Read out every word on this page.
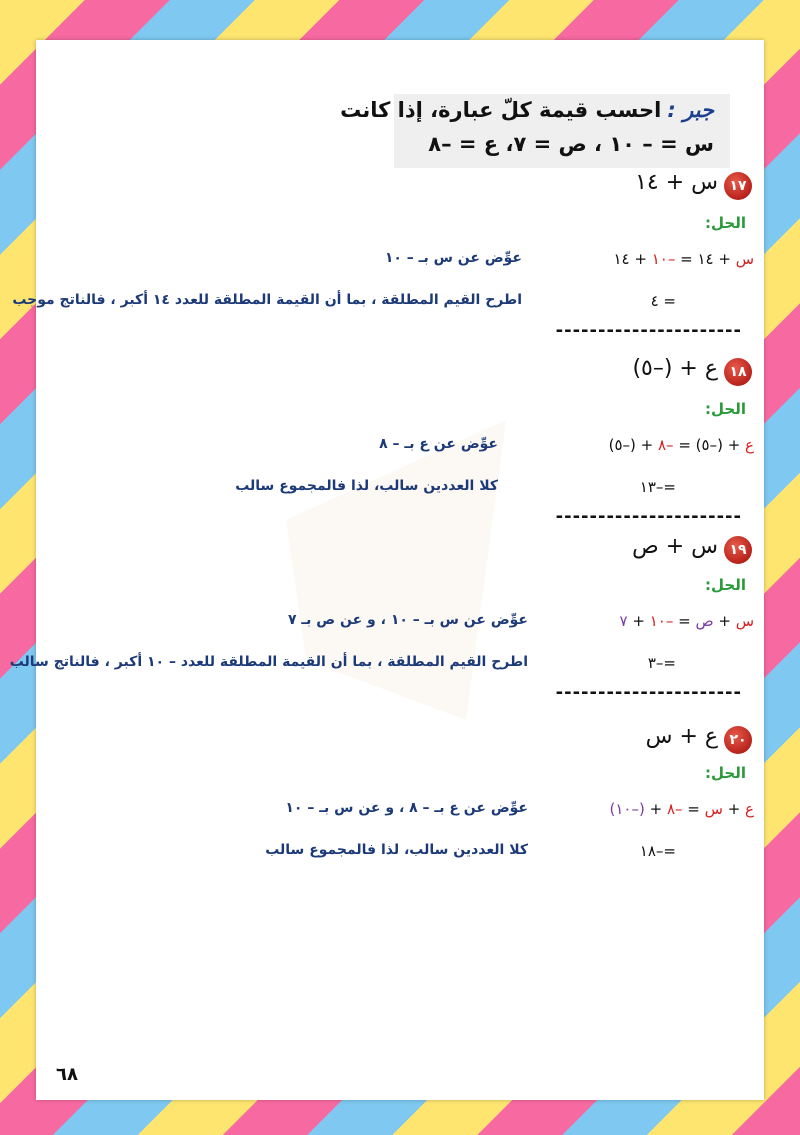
جبر :احسب قيمة كلّ عبارة، إذا كانت
س = – ١٠ ، ص = ٧، ع = –٨
١٧
س + ١٤
الحل:
س + ١٤ = –١٠ + ١٤
عوِّض عن س بـ – ١٠
= ٤
اطرح القيم المطلقة ، بما أن القيمة المطلقة للعدد ١٤ أكبر ، فالناتج موجب
----------------------
١٨
ع + (–٥)
الحل:
ع + (–٥) = –٨ + (–٥)
عوِّض عن ع بـ – ٨
=–١٣
كلا العددين سالب، لذا فالمجموع سالب
----------------------
١٩
س + ص
الحل:
س + ص = –١٠ + ٧
عوِّض عن س بـ – ١٠ ، و عن ص بـ ٧
=–٣
اطرح القيم المطلقة ، بما أن القيمة المطلقة للعدد – ١٠ أكبر ، فالناتج سالب
----------------------
٢٠
ع + س
الحل:
ع + س = –٨ + (–١٠)
عوِّض عن ع بـ – ٨ ، و عن س بـ – ١٠
=–١٨
كلا العددين سالب، لذا فالمجموع سالب
٦٨
